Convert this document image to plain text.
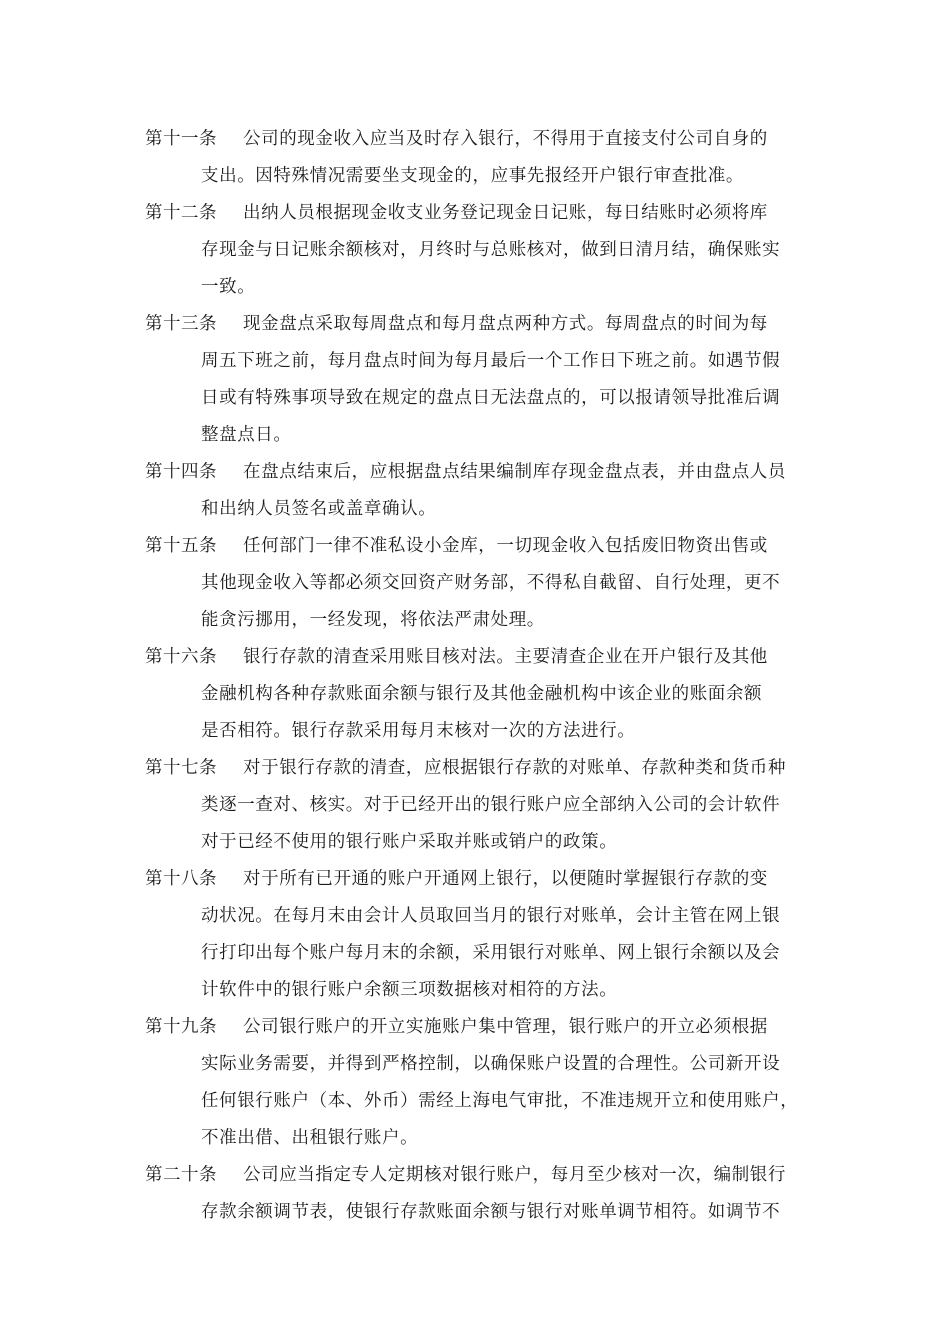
第十一条	公司的现金收入应当及时存入银行，不得用于直接支付公司自身的
支出。因特殊情况需要坐支现金的，应事先报经开户银行审查批准。
第十二条	出纳人员根据现金收支业务登记现金日记账，每日结账时必须将库
存现金与日记账余额核对，月终时与总账核对，做到日清月结，确保账实
一致。
第十三条	现金盘点采取每周盘点和每月盘点两种方式。每周盘点的时间为每
周五下班之前，每月盘点时间为每月最后一个工作日下班之前。如遇节假
日或有特殊事项导致在规定的盘点日无法盘点的，可以报请领导批准后调
整盘点日。
第十四条	在盘点结束后，应根据盘点结果编制库存现金盘点表，并由盘点人员
和出纳人员签名或盖章确认。
第十五条	任何部门一律不准私设小金库，一切现金收入包括废旧物资出售或
其他现金收入等都必须交回资产财务部，不得私自截留、自行处理，更不
能贪污挪用，一经发现，将依法严肃处理。
第十六条	银行存款的清查采用账目核对法。主要清查企业在开户银行及其他
金融机构各种存款账面余额与银行及其他金融机构中该企业的账面余额
是否相符。银行存款采用每月末核对一次的方法进行。
第十七条	对于银行存款的清查，应根据银行存款的对账单、存款种类和货币种
类逐一查对、核实。对于已经开出的银行账户应全部纳入公司的会计软件
对于已经不使用的银行账户采取并账或销户的政策。
第十八条	对于所有已开通的账户开通网上银行，以便随时掌握银行存款的变
动状况。在每月末由会计人员取回当月的银行对账单，会计主管在网上银
行打印出每个账户每月末的余额，采用银行对账单、网上银行余额以及会
计软件中的银行账户余额三项数据核对相符的方法。
第十九条	公司银行账户的开立实施账户集中管理，银行账户的开立必须根据
实际业务需要，并得到严格控制，以确保账户设置的合理性。公司新开设
任何银行账户（本、外币）需经上海电气审批，不准违规开立和使用账户，
不准出借、出租银行账户。
第二十条	公司应当指定专人定期核对银行账户，每月至少核对一次，编制银行
存款余额调节表，使银行存款账面余额与银行对账单调节相符。如调节不
